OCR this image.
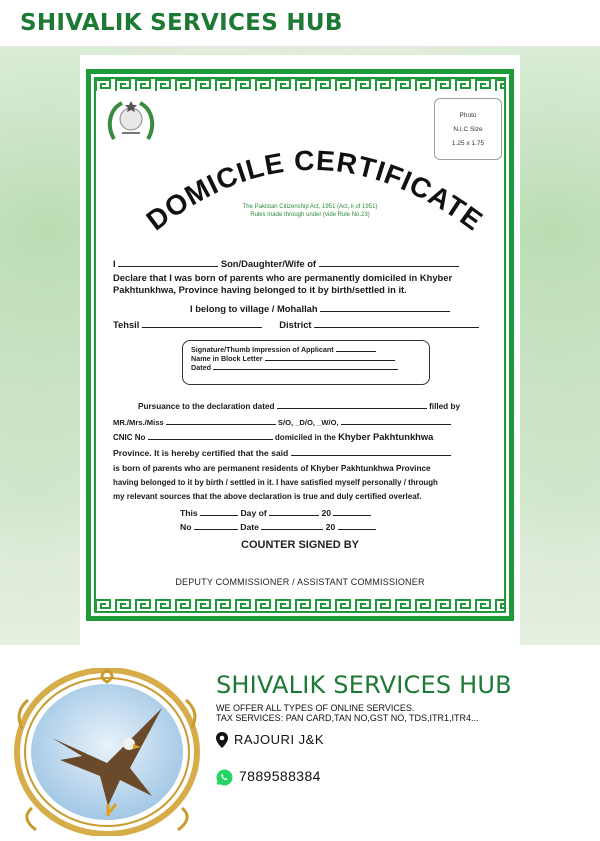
SHIVALIK SERVICES HUB
Photo
N.I.C Size
1.25 x 1.75
DOMICILE CERTIFICATE
The Pakistan Citizenship Act, 1951 (Act, ii of 1951)
Rules made through under (vide Rule No.23)
I	Son/Daughter/Wife of
Declare that I was born of parents who are permanently domiciled in Khyber
Pakhtunkhwa, Province having belonged to it by birth/settled in it.
I belong to village / Mohallah
Tehsil	District
Signature/Thumb Impression of Applicant
Name in Block Letter
Dated
Pursuance to the declaration dated	filled by
MR./Mrs./Miss	S/O, _D/O, _W/O,
CNIC No	domiciled in the Khyber Pakhtunkhwa
Province. It is hereby certified that the said
is born of parents who are permanent residents of Khyber Pakhtunkhwa Province
having belonged to it by birth / settled in it. I have satisfied myself personally / through
my relevant sources that the above declaration is true and duly certified overleaf.
This	Day of	20
No	Date	20
COUNTER SIGNED BY
DEPUTY COMMISSIONER / ASSISTANT COMMISSIONER
SHIVALIK SERVICES HUB
WE OFFER ALL TYPES OF ONLINE SERVICES.
TAX SERVICES: PAN CARD,TAN NO,GST NO, TDS,ITR1,ITR4...
RAJOURI J&K
7889588384
